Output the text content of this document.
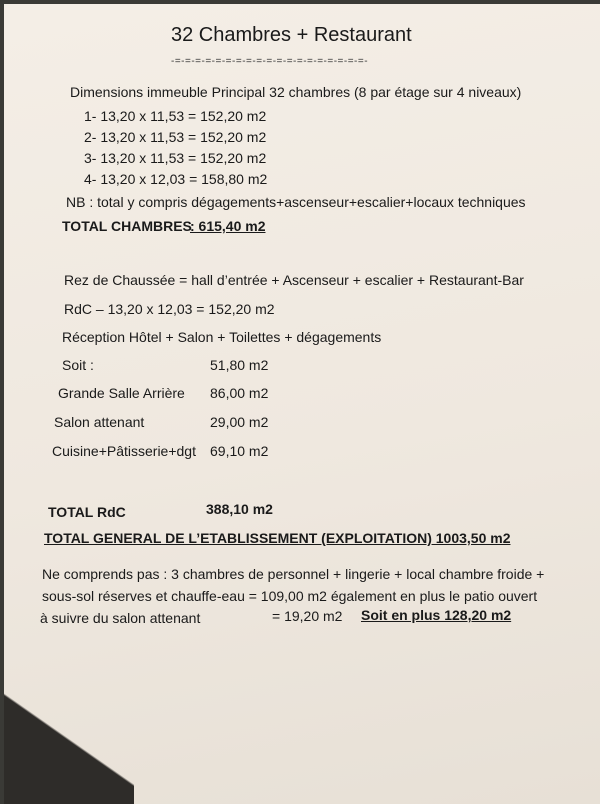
32 Chambres + Restaurant
-=-=-=-=-=-=-=-=-=-=-=-=-=-=-=-=-=-=-=-
Dimensions immeuble Principal 32 chambres (8 par étage sur 4 niveaux)
1- 13,20 x 11,53 = 152,20 m2
2- 13,20 x 11,53 = 152,20 m2
3- 13,20 x 11,53 = 152,20 m2
4- 13,20 x 12,03 = 158,80 m2
NB : total y compris dégagements+ascenseur+escalier+locaux techniques
TOTAL CHAMBRES
: 615,40 m2
Rez de Chaussée = hall d’entrée + Ascenseur + escalier + Restaurant-Bar
RdC – 13,20 x 12,03 = 152,20 m2
Réception Hôtel + Salon + Toilettes + dégagements
Soit :	51,80 m2
Grande Salle Arrière 86,00 m2
Salon attenant	29,00 m2
Cuisine+Pâtisserie+dgt 69,10 m2
TOTAL RdC	388,10 m2
TOTAL GENERAL DE L’ETABLISSEMENT (EXPLOITATION) 1003,50 m2
Ne comprends pas : 3 chambres de personnel + lingerie + local chambre froide +
sous-sol réserves et chauffe-eau = 109,00 m2 également en plus le patio ouvert
à suivre du salon attenant	= 19,20 m2 Soit en plus 128,20 m2
